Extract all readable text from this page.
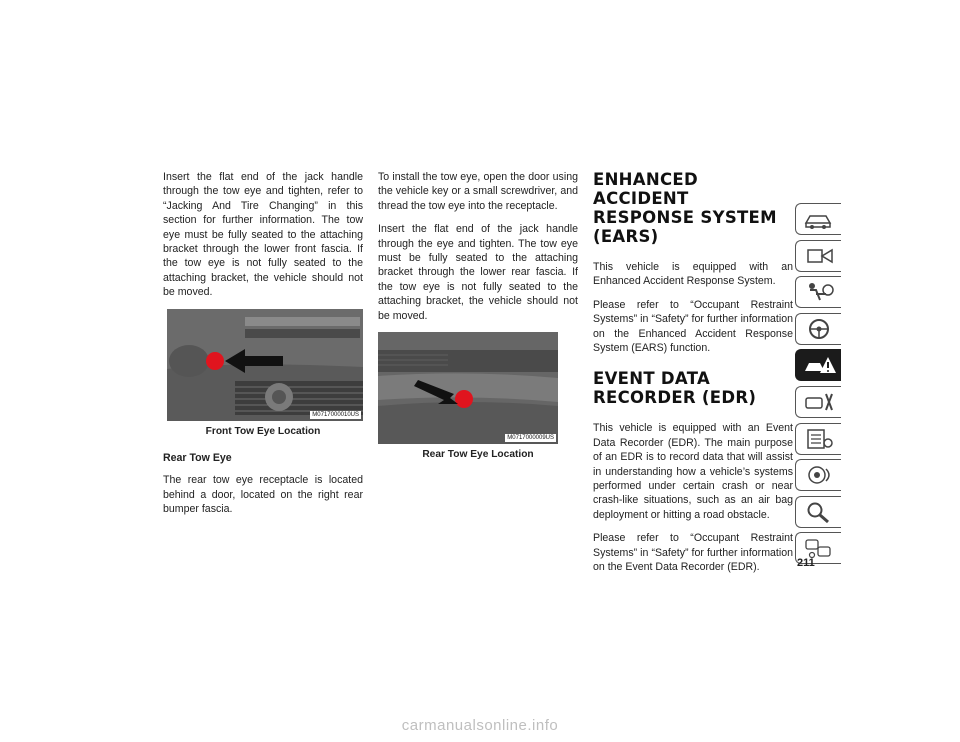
Insert the flat end of the jack handle through the tow eye and tighten, refer to “Jacking And Tire Changing” in this section for further information. The tow eye must be fully seated to the attaching bracket through the lower front fascia. If the tow eye is not fully seated to the attaching bracket, the vehicle should not be moved.

M0717000010US
Front Tow Eye Location
Rear Tow Eye

The rear tow eye receptacle is located behind a door, located on the right rear bumper fascia.

To install the tow eye, open the door using the vehicle key or a small screwdriver, and thread the tow eye into the receptacle.

Insert the flat end of the jack handle through the eye and tighten. The tow eye must be fully seated to the attaching bracket through the lower rear fascia. If the tow eye is not fully seated to the attaching bracket, the vehicle should not be moved.

M0717000009US
Rear Tow Eye Location
ENHANCED ACCIDENT RESPONSE SYSTEM (EARS)

This vehicle is equipped with an Enhanced Accident Response System.

Please refer to “Occupant Restraint Systems” in “Safety” for further information on the Enhanced Accident Response System (EARS) function.

EVENT DATA RECORDER (EDR)

This vehicle is equipped with an Event Data Recorder (EDR). The main purpose of an EDR is to record data that will assist in understanding how a vehicle’s systems performed under certain crash or near crash-like situations, such as an air bag deployment or hitting a road obstacle.

Please refer to “Occupant Restraint Systems” in “Safety” for further information on the Event Data Recorder (EDR).	211
carmanualsonline.info
